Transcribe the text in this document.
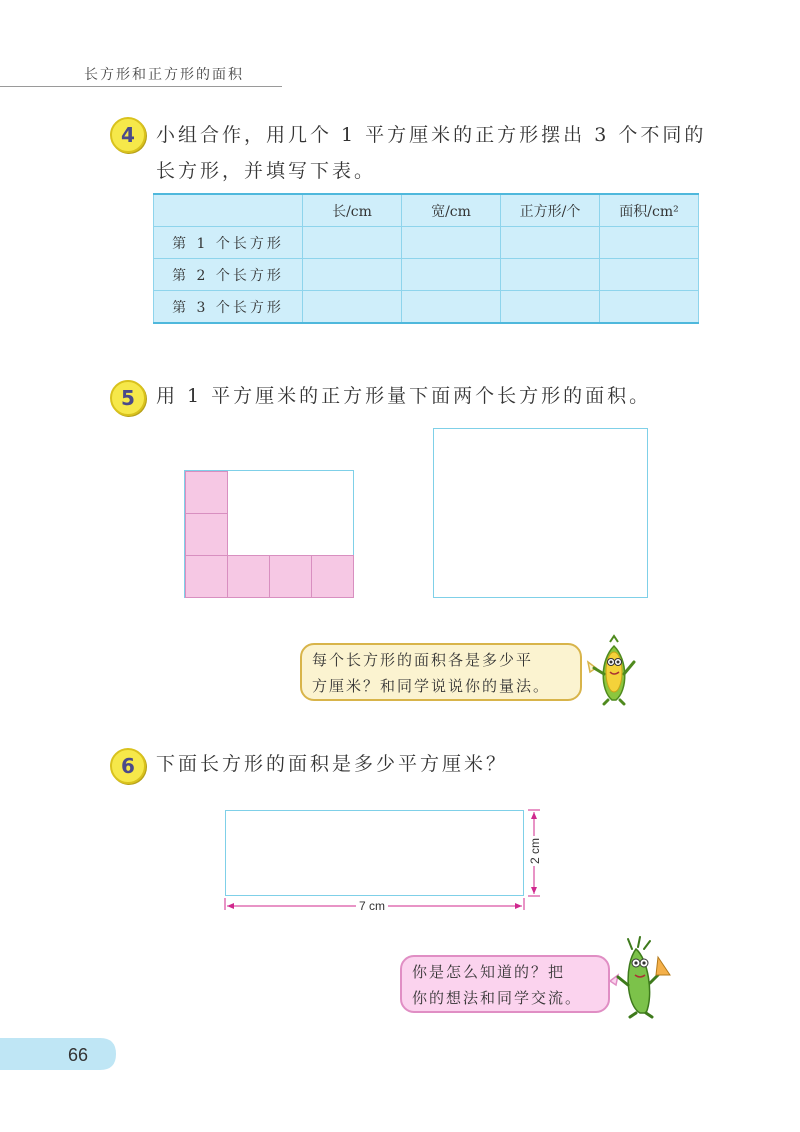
长方形和正方形的面积
4	小组合作，用几个 1 平方厘米的正方形摆出 3 个不同的
长方形，并填写下表。
	长/cm	宽/cm	正方形/个	面积/cm²
第 1 个长方形				
第 2 个长方形				
第 3 个长方形				
5	用 1 平方厘米的正方形量下面两个长方形的面积。
每个长方形的面积各是多少平
方厘米？和同学说说你的量法。
6	下面长方形的面积是多少平方厘米？
7 cm
2 cm
你是怎么知道的？把
你的想法和同学交流。
66
